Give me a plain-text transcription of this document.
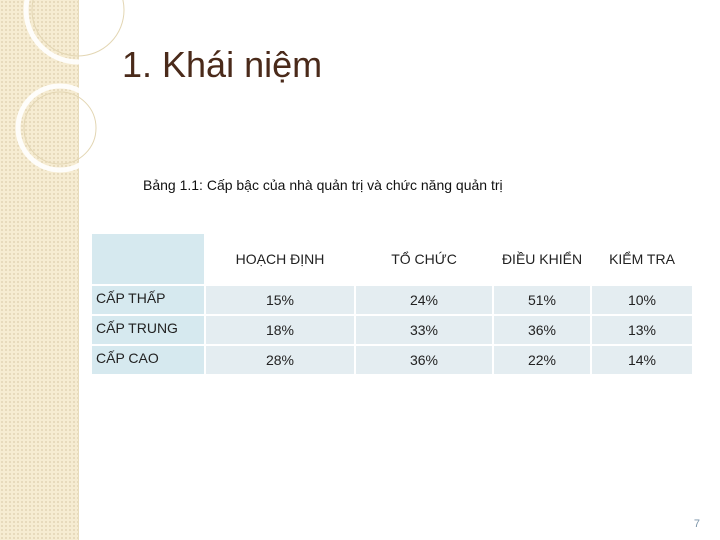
1. Khái niệm
Bảng 1.1: Cấp bậc của nhà quản trị và chức năng quản trị
	HOẠCH ĐỊNH	TỔ CHỨC	ĐIỀU KHIỂN	KIỂM TRA
CẤP THẤP	15%	24%	51%	10%
CẤP TRUNG	18%	33%	36%	13%
CẤP CAO	28%	36%	22%	14%
7
